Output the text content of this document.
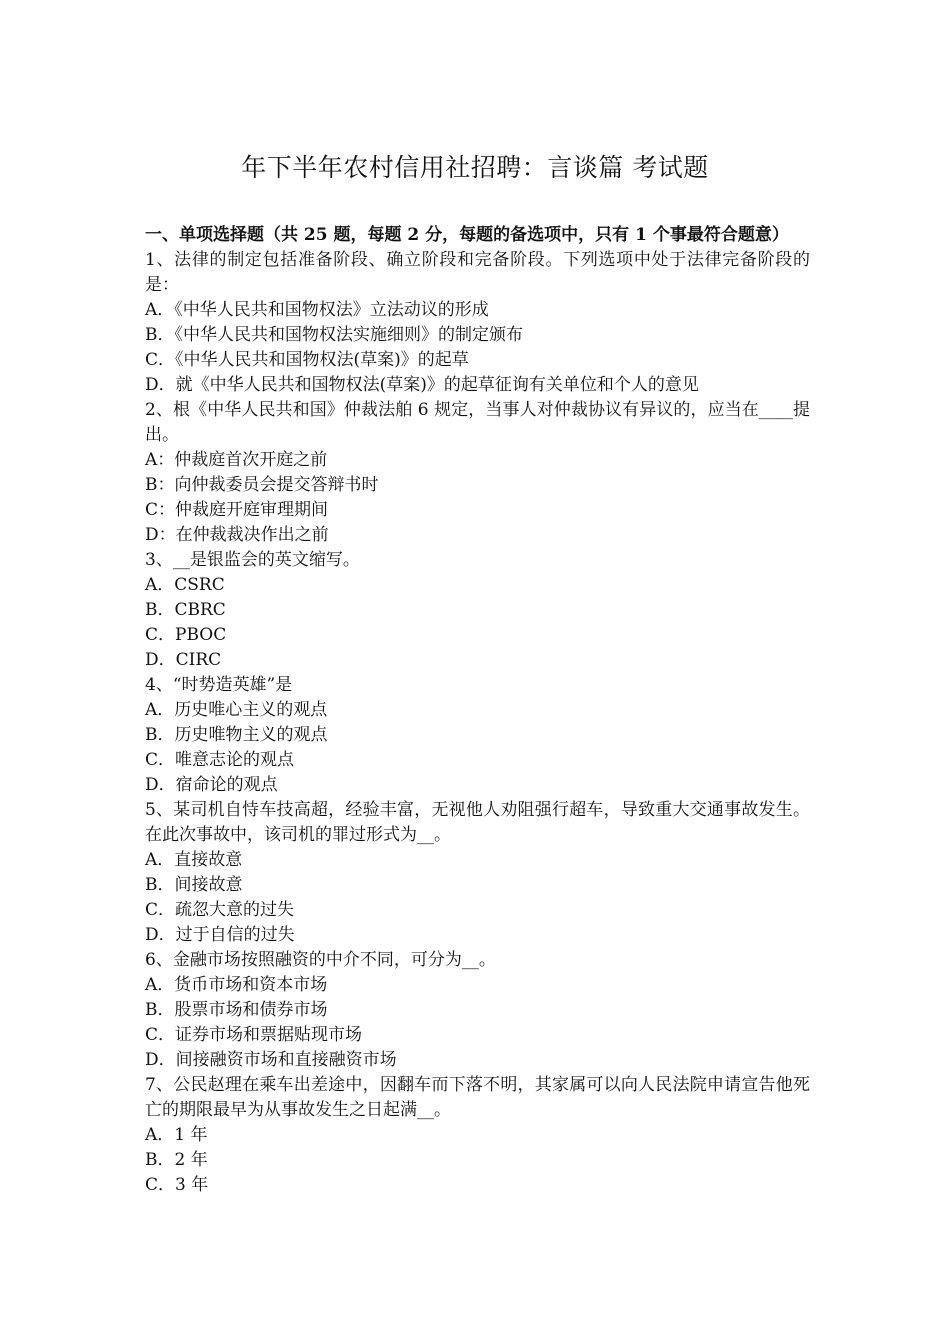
年下半年农村信用社招聘：言谈篇 考试题

一、单项选择题（共 25 题，每题 2 分，每题的备选项中，只有 1 个事最符合题意）

1、法律的制定包括准备阶段、确立阶段和完备阶段。下列选项中处于法律完备阶段的是：

A．《中华人民共和国物权法》立法动议的形成

B．《中华人民共和国物权法实施细则》的制定颁布

C．《中华人民共和国物权法(草案)》的起草

D．就《中华人民共和国物权法(草案)》的起草征询有关单位和个人的意见

2、根《中华人民共和国》仲裁法舶 6 规定，当事人对仲裁协议有异议的，应当在____提出。

A：仲裁庭首次开庭之前

B：向仲裁委员会提交答辩书时

C：仲裁庭开庭审理期间

D：在仲裁裁决作出之前

3、__是银监会的英文缩写。

A．CSRC

B．CBRC

C．PBOC

D．CIRC

4、“时势造英雄”是

A．历史唯心主义的观点

B．历史唯物主义的观点

C．唯意志论的观点

D．宿命论的观点

5、某司机自恃车技高超，经验丰富，无视他人劝阻强行超车，导致重大交通事故发生。在此次事故中，该司机的罪过形式为__。

A．直接故意

B．间接故意

C．疏忽大意的过失

D．过于自信的过失

6、金融市场按照融资的中介不同，可分为__。

A．货币市场和资本市场

B．股票市场和债券市场

C．证券市场和票据贴现市场

D．间接融资市场和直接融资市场

7、公民赵理在乘车出差途中，因翻车而下落不明，其家属可以向人民法院申请宣告他死亡的期限最早为从事故发生之日起满__。

A．1 年

B．2 年

C．3 年
